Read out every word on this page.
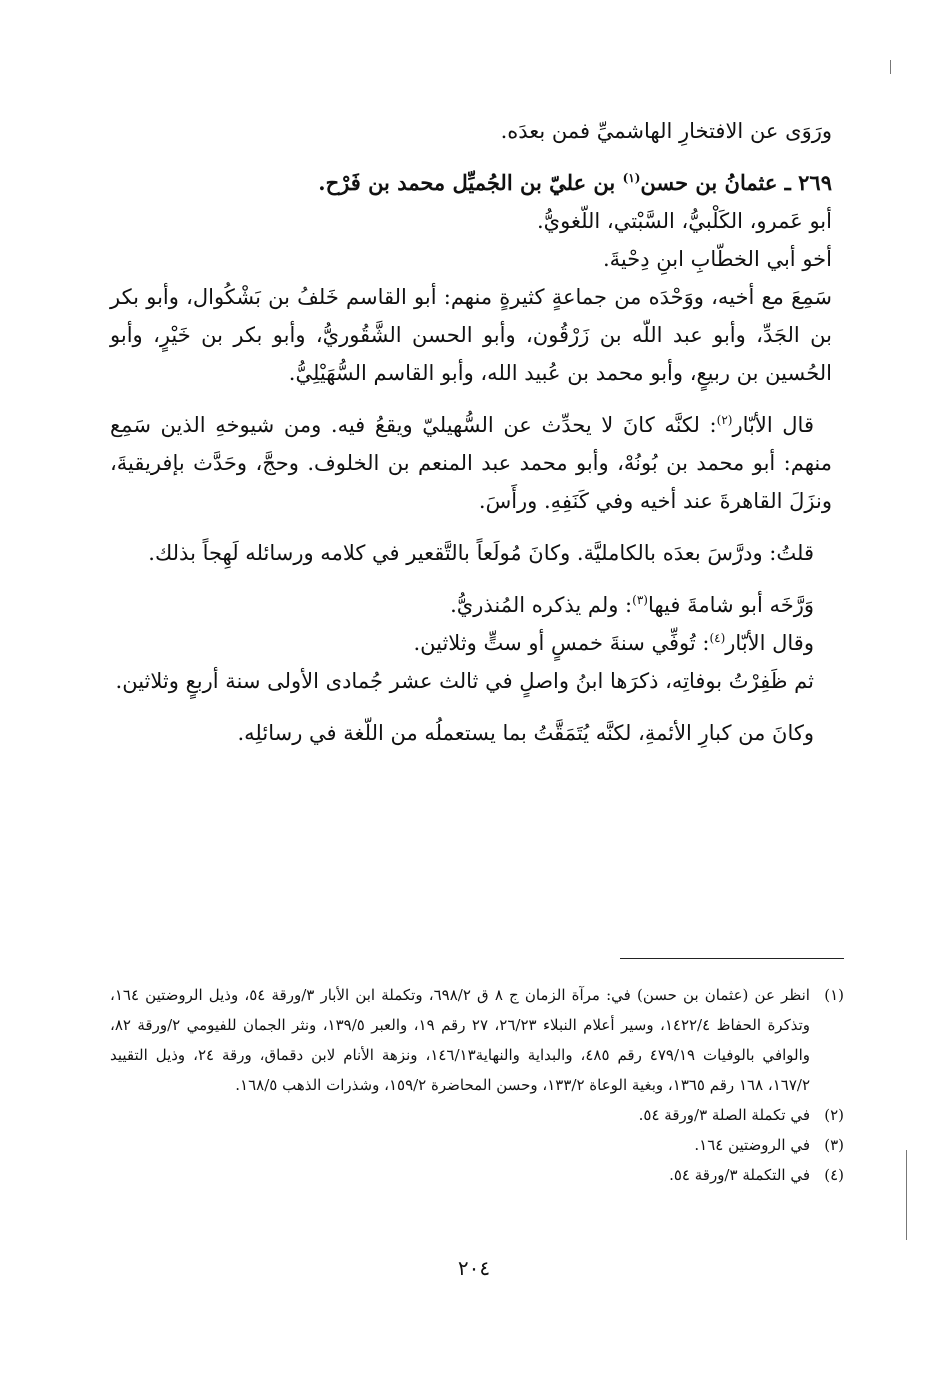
ورَوَى عن الافتخارِ الهاشميِّ فمن بعدَه.

٢٦٩ ـ عثمانُ بن حسن$^{(١)}$ بن عليّ بن الجُميِّل محمد بن فَرْح.

أبو عَمرو، الكَلْبيُّ، السَّبْتي، اللّغويُّ.

أخو أبي الخطّابِ ابنِ دِحْيةَ.

سَمِعَ مع أخيه، ووَحْدَه من جماعةٍ كثيرةٍ منهم: أبو القاسم خَلفُ بن بَشْكُوال، وأبو بكر بن الجَدِّ، وأبو عبد اللّه بن زَرْقُون، وأبو الحسن الشَّقُوريُّ، وأبو بكر بن خَيْرٍ، وأبو الحُسين بن ربيعٍ، وأبو محمد بن عُبيد الله، وأبو القاسم السُّهَيْلِيُّ.

قال الأبّار$^{(٢)}$: لكنَّه كانَ لا يحدِّث عن السُّهيليّ ويقعُ فيه. ومن شيوخهِ الذين سَمِع منهم: أبو محمد بن بُونُهْ، وأبو محمد عبد المنعم بن الخلوف. وحجَّ، وحَدَّث بإفريقيةَ، ونزَلَ القاهرةَ عند أخيه وفي كَنَفِهِ. ورأَسَ.

قلتُ: ودرَّسَ بعدَه بالكامليَّة. وكانَ مُولَعاً بالتَّقعير في كلامه ورسائله لَهِجاً بذلك.

وَرَّخَه أبو شامةَ فيها$^{(٣)}$: ولم يذكره المُنذريُّ.

وقال الأبّار$^{(٤)}$: تُوفِّي سنةَ خمسٍ أو ستٍّ وثلاثين.

ثم ظَفِرْتُ بوفاتِه، ذكرَها ابنُ واصلٍ في ثالث عشر جُمادى الأولى سنة أربعٍ وثلاثين.

وكانَ من كبارِ الأئمةِ، لكنَّه يُتَمَقَّتُ بما يستعملُه من اللّغة في رسائلِه.

(١)
انظر عن (عثمان بن حسن) في: مرآة الزمان ج ٨ ق ٦٩٨/٢، وتكملة ابن الأبار ٣/ورقة ٥٤، وذيل الروضتين ١٦٤، وتذكرة الحفاظ ١٤٢٢/٤، وسير أعلام النبلاء ٢٦/٢٣، ٢٧ رقم ١٩، والعبر ١٣٩/٥، ونثر الجمان للفيومي ٢/ورقة ٨٢، والوافي بالوفيات ٤٧٩/١٩ رقم ٤٨٥، والبداية والنهاية١٤٦/١٣، ونزهة الأنام لابن دقماق، ورقة ٢٤، وذيل التقييد ١٦٧/٢، ١٦٨ رقم ١٣٦٥، وبغية الوعاة ١٣٣/٢، وحسن المحاضرة ١٥٩/٢، وشذرات الذهب ١٦٨/٥.
(٢)
في تكملة الصلة ٣/ورقة ٥٤.
(٣)
في الروضتين ١٦٤.
(٤)
في التكملة ٣/ورقة ٥٤.
٢٠٤
